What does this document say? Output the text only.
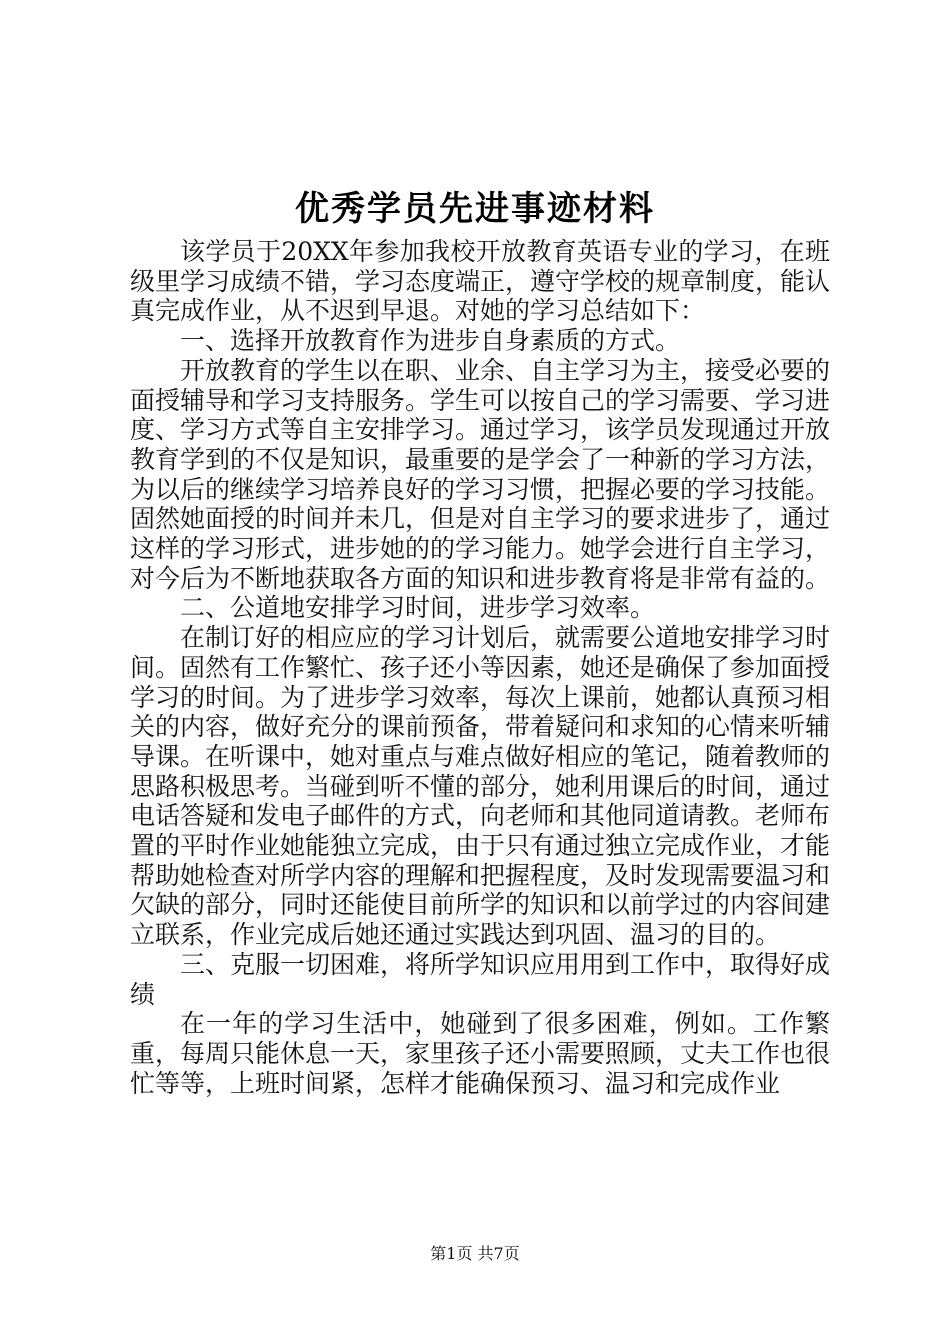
优秀学员先进事迹材料

该学员于20XX年参加我校开放教育英语专业的学习，在班级里学习成绩不错，学习态度端正，遵守学校的规章制度，能认真完成作业，从不迟到早退。对她的学习总结如下：

一、选择开放教育作为进步自身素质的方式。

开放教育的学生以在职、业余、自主学习为主，接受必要的面授辅导和学习支持服务。学生可以按自己的学习需要、学习进度、学习方式等自主安排学习。通过学习，该学员发现通过开放教育学到的不仅是知识，最重要的是学会了一种新的学习方法，为以后的继续学习培养良好的学习习惯，把握必要的学习技能。固然她面授的时间并未几，但是对自主学习的要求进步了，通过这样的学习形式，进步她的的学习能力。她学会进行自主学习，对今后为不断地获取各方面的知识和进步教育将是非常有益的。

二、公道地安排学习时间，进步学习效率。

在制订好的相应应的学习计划后，就需要公道地安排学习时间。固然有工作繁忙、孩子还小等因素，她还是确保了参加面授学习的时间。为了进步学习效率，每次上课前，她都认真预习相关的内容，做好充分的课前预备，带着疑问和求知的心情来听辅导课。在听课中，她对重点与难点做好相应的笔记，随着教师的思路积极思考。当碰到听不懂的部分，她利用课后的时间，通过电话答疑和发电子邮件的方式，向老师和其他同道请教。老师布置的平时作业她能独立完成，由于只有通过独立完成作业，才能帮助她检查对所学内容的理解和把握程度，及时发现需要温习和欠缺的部分，同时还能使目前所学的知识和以前学过的内容间建立联系，作业完成后她还通过实践达到巩固、温习的目的。

三、克服一切困难，将所学知识应用用到工作中，取得好成绩

在一年的学习生活中，她碰到了很多困难，例如。工作繁重，每周只能休息一天，家里孩子还小需要照顾，丈夫工作也很忙等等，上班时间紧，怎样才能确保预习、温习和完成作业

第1页 共7页
